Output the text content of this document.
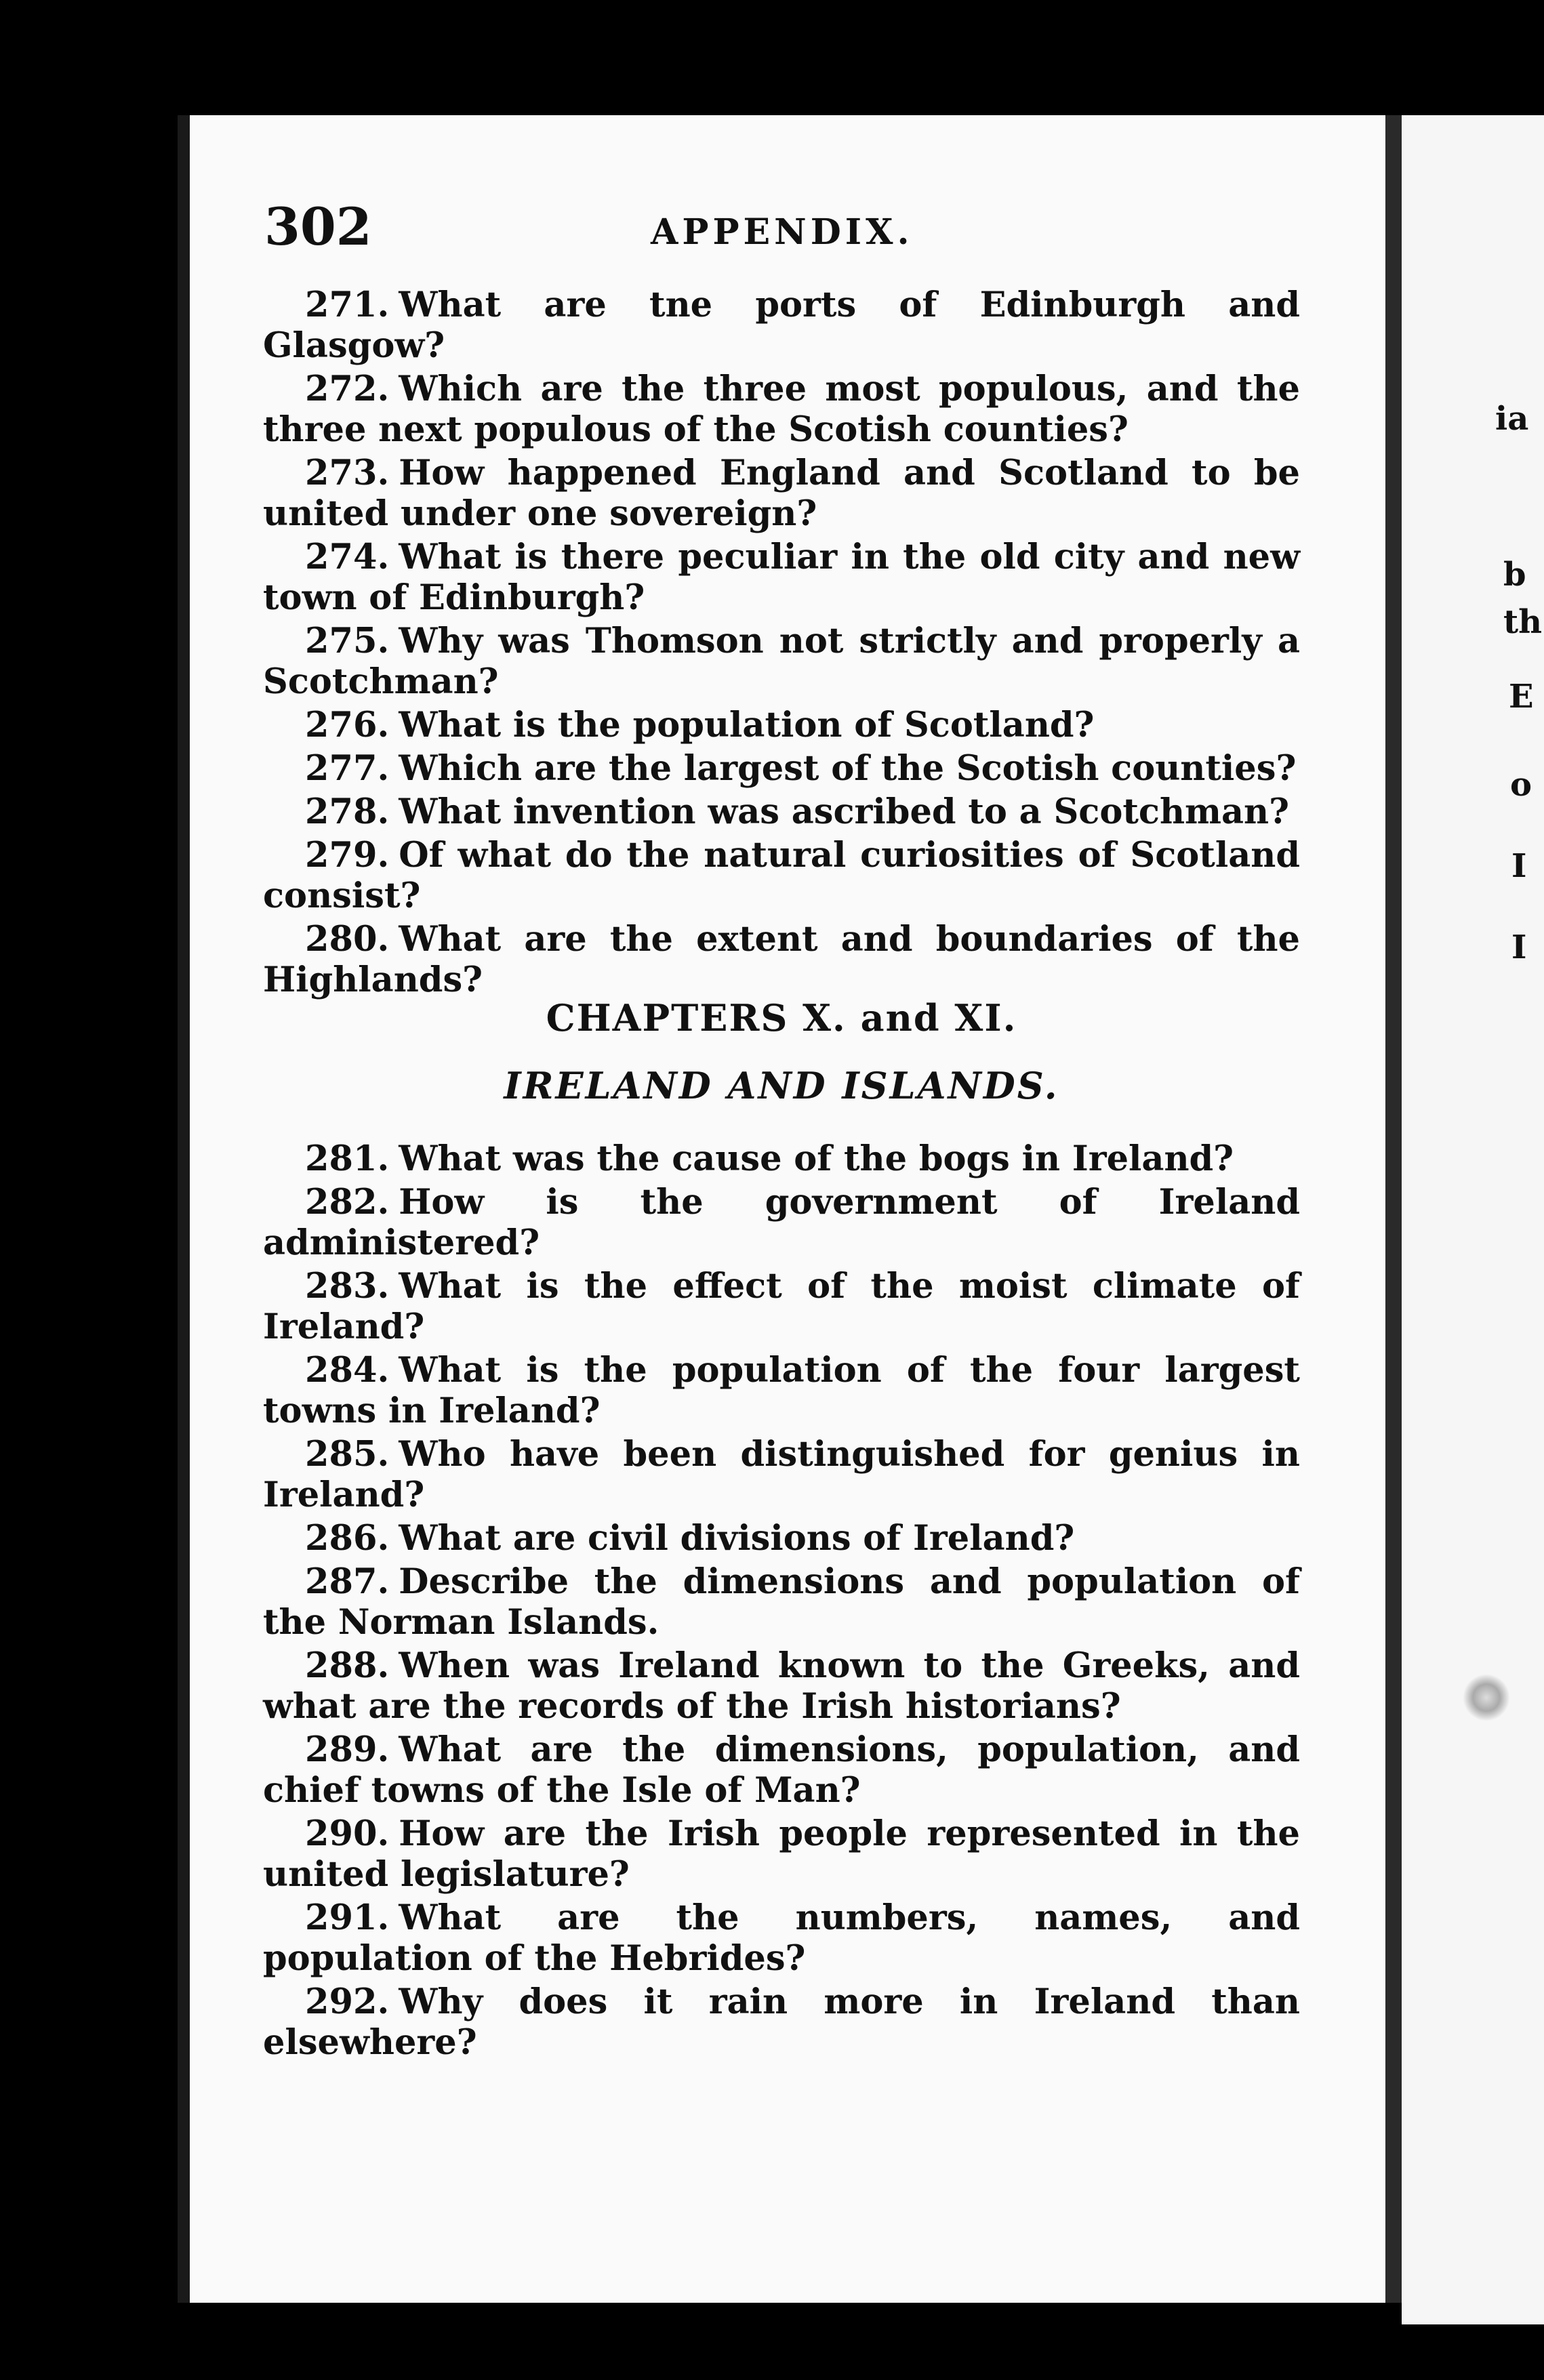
302	APPENDIX.

271. What are tne ports of Edinburgh and Glasgow?

272. Which are the three most populous, and the three next populous of the Scotish counties?

273. How happened England and Scotland to be united under one sovereign?

274. What is there peculiar in the old city and new town of Edinburgh?

275. Why was Thomson not strictly and properly a Scotchman?

276. What is the population of Scotland?

277. Which are the largest of the Scotish counties?

278. What invention was ascribed to a Scotchman?

279. Of what do the natural curiosities of Scotland consist?

280. What are the extent and boundaries of the Highlands?

CHAPTERS X. and XI.
IRELAND AND ISLANDS.

281. What was the cause of the bogs in Ireland?

282. How is the government of Ireland administered?

283. What is the effect of the moist climate of Ireland?

284. What is the population of the four largest towns in Ireland?

285. Who have been distinguished for genius in Ireland?

286. What are civil divisions of Ireland?

287. Describe the dimensions and population of the Norman Islands.

288. When was Ireland known to the Greeks, and what are the records of the Irish historians?

289. What are the dimensions, population, and chief towns of the Isle of Man?

290. How are the Irish people represented in the united legislature?

291. What are the numbers, names, and population of the Hebrides?

292. Why does it rain more in Ireland than elsewhere?

ia
b
th
E
o
I
I
